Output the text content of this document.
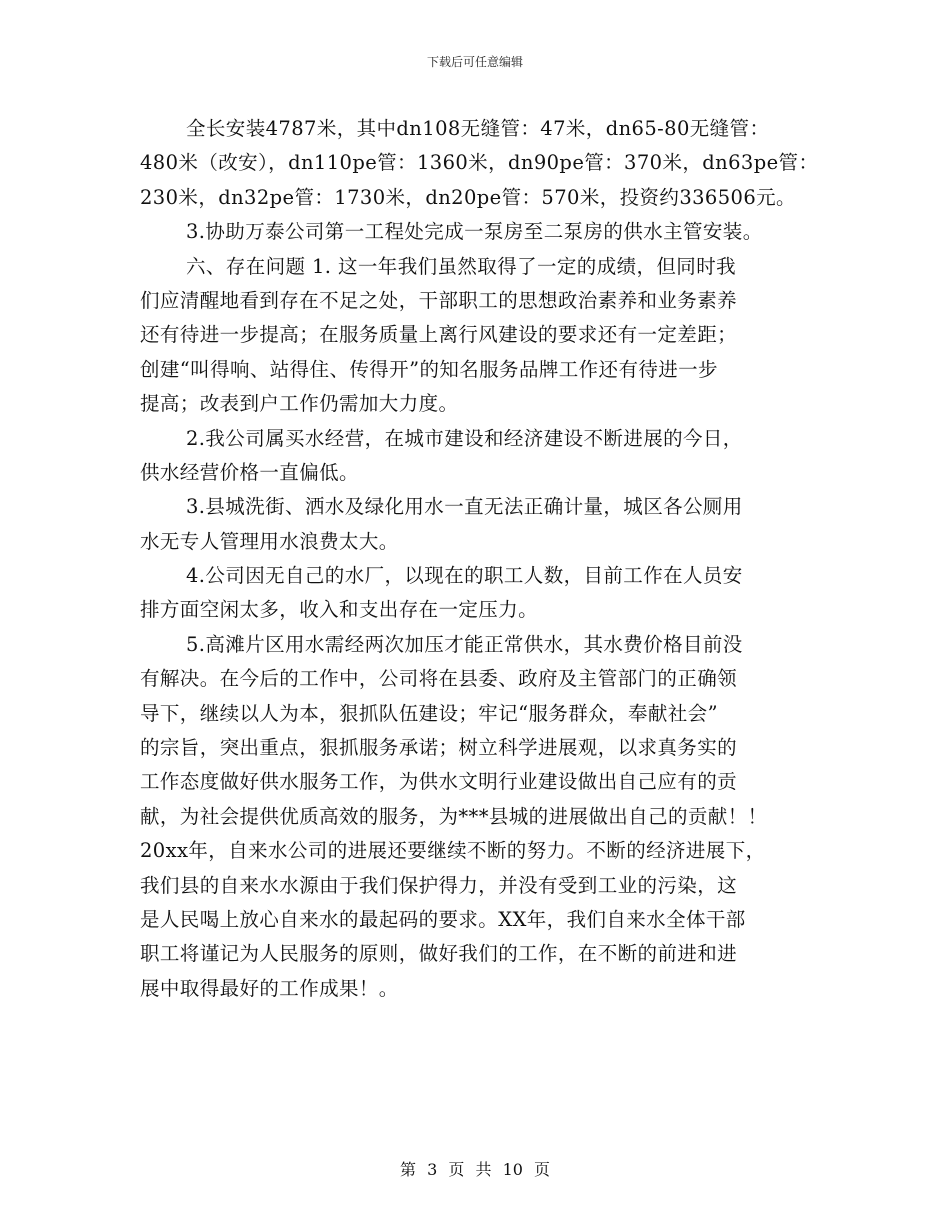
下载后可任意编辑
全长安装4787米，其中dn108无缝管：47米，dn65-80无缝管：
480米（改安），dn110pe管：1360米，dn90pe管：370米，dn63pe管：
230米，dn32pe管：1730米，dn20pe管：570米，投资约336506元。
3.协助万泰公司第一工程处完成一泵房至二泵房的供水主管安装。
六、存在问题 1. 这一年我们虽然取得了一定的成绩，但同时我
们应清醒地看到存在不足之处，干部职工的思想政治素养和业务素养
还有待进一步提高；在服务质量上离行风建设的要求还有一定差距；
创建“叫得响、站得住、传得开”的知名服务品牌工作还有待进一步
提高；改表到户工作仍需加大力度。
2.我公司属买水经营，在城市建设和经济建设不断进展的今日，
供水经营价格一直偏低。
3.县城洗街、洒水及绿化用水一直无法正确计量，城区各公厕用
水无专人管理用水浪费太大。
4.公司因无自己的水厂，以现在的职工人数，目前工作在人员安
排方面空闲太多，收入和支出存在一定压力。
5.高滩片区用水需经两次加压才能正常供水，其水费价格目前没
有解决。在今后的工作中，公司将在县委、政府及主管部门的正确领
导下，继续以人为本，狠抓队伍建设；牢记“服务群众，奉献社会”
的宗旨，突出重点，狠抓服务承诺；树立科学进展观，以求真务实的
工作态度做好供水服务工作，为供水文明行业建设做出自己应有的贡
献，为社会提供优质高效的服务，为***县城的进展做出自己的贡献！！
20xx年，自来水公司的进展还要继续不断的努力。不断的经济进展下，
我们县的自来水水源由于我们保护得力，并没有受到工业的污染，这
是人民喝上放心自来水的最起码的要求。XX年，我们自来水全体干部
职工将谨记为人民服务的原则，做好我们的工作，在不断的前进和进
展中取得最好的工作成果！。
第 3 页 共 10 页
